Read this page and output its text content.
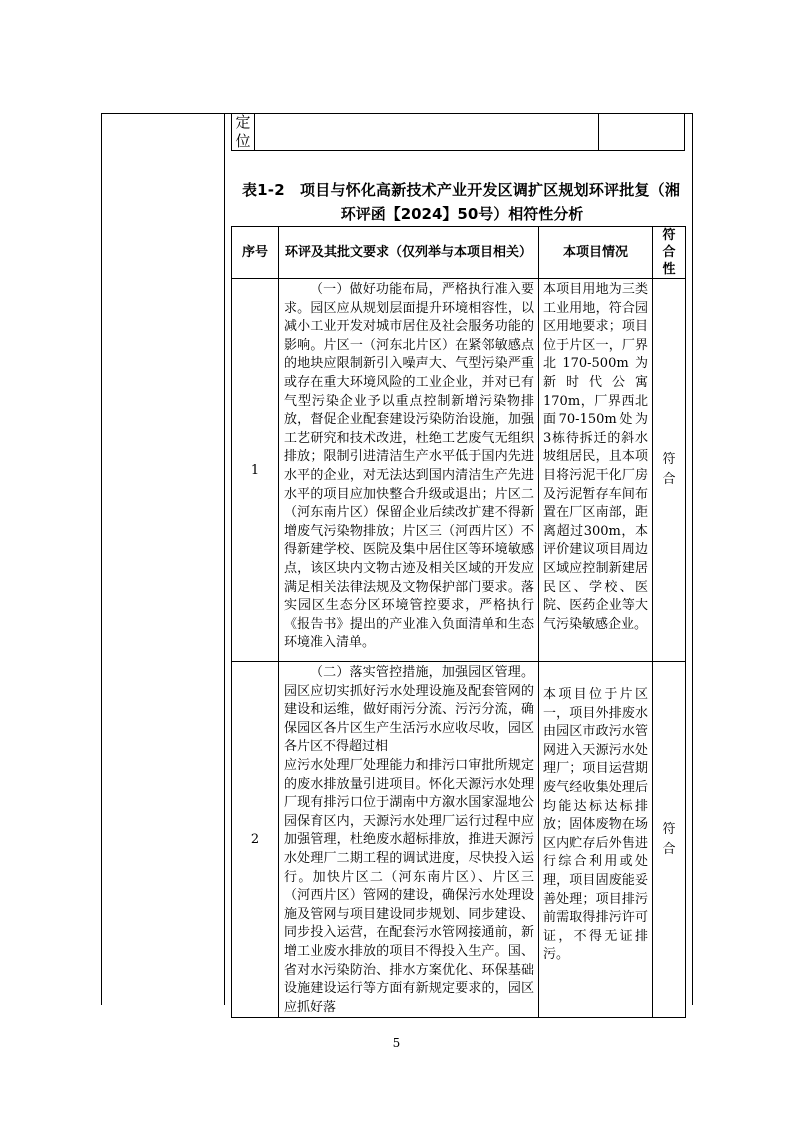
定位
表1-2　项目与怀化高新技术产业开发区调扩区规划环评批复（湘
环评函【2024】50号）相符性分析
序号	环评及其批文要求（仅列举与本项目相关）	本项目情况	符合性
1	（一）做好功能布局，严格执行准入要求。园区应从规划层面提升环境相容性，以减小工业开发对城市居住及社会服务功能的影响。片区一（河东北片区）在紧邻敏感点的地块应限制新引入噪声大、气型污染严重或存在重大环境风险的工业企业，并对已有气型污染企业予以重点控制新增污染物排放，督促企业配套建设污染防治设施，加强工艺研究和技术改进，杜绝工艺废气无组织排放；限制引进清洁生产水平低于国内先进水平的企业，对无法达到国内清洁生产先进水平的项目应加快整合升级或退出；片区二（河东南片区）保留企业后续改扩建不得新增废气污染物排放；片区三（河西片区）不得新建学校、医院及集中居住区等环境敏感点，该区块内文物古迹及相关区域的开发应满足相关法律法规及文物保护部门要求。落实园区生态分区环境管控要求，严格执行《报告书》提出的产业准入负面清单和生态环境准入清单。	本项目用地为三类工业用地，符合园区用地要求；项目位于片区一，厂界北170-500m为新时代公寓170m，厂界西北面70-150m处为3栋待拆迁的斜水坡组居民，且本项目将污泥干化厂房及污泥暂存车间布置在厂区南部，距离超过300m，本评价建议项目周边区域应控制新建居民区、学校、医院、医药企业等大气污染敏感企业。	符合
2	（二）落实管控措施，加强园区管理。园区应切实抓好污水处理设施及配套管网的建设和运维，做好雨污分流、污污分流，确保园区各片区生产生活污水应收尽收，园区各片区不得超过相

应污水处理厂处理能力和排污口审批所规定的废水排放量引进项目。怀化天源污水处理厂现有排污口位于湖南中方溆水国家湿地公园保育区内，天源污水处理厂运行过程中应加强管理，杜绝废水超标排放，推进天源污水处理厂二期工程的调试进度，尽快投入运行。加快片区二（河东南片区）、片区三（河西片区）管网的建设，确保污水处理设施及管网与项目建设同步规划、同步建设、同步投入运营，在配套污水管网接通前，新增工业废水排放的项目不得投入生产。国、省对水污染防治、排水方案优化、环保基础设施建设运行等方面有新规定要求的，园区应抓好落	本项目位于片区一，项目外排废水由园区市政污水管网进入天源污水处理厂；项目运营期废气经收集处理后均能达标达标排放；固体废物在场区内贮存后外售进行综合利用或处理，项目固废能妥善处理；项目排污前需取得排污许可证，不得无证排污。	符合
5
